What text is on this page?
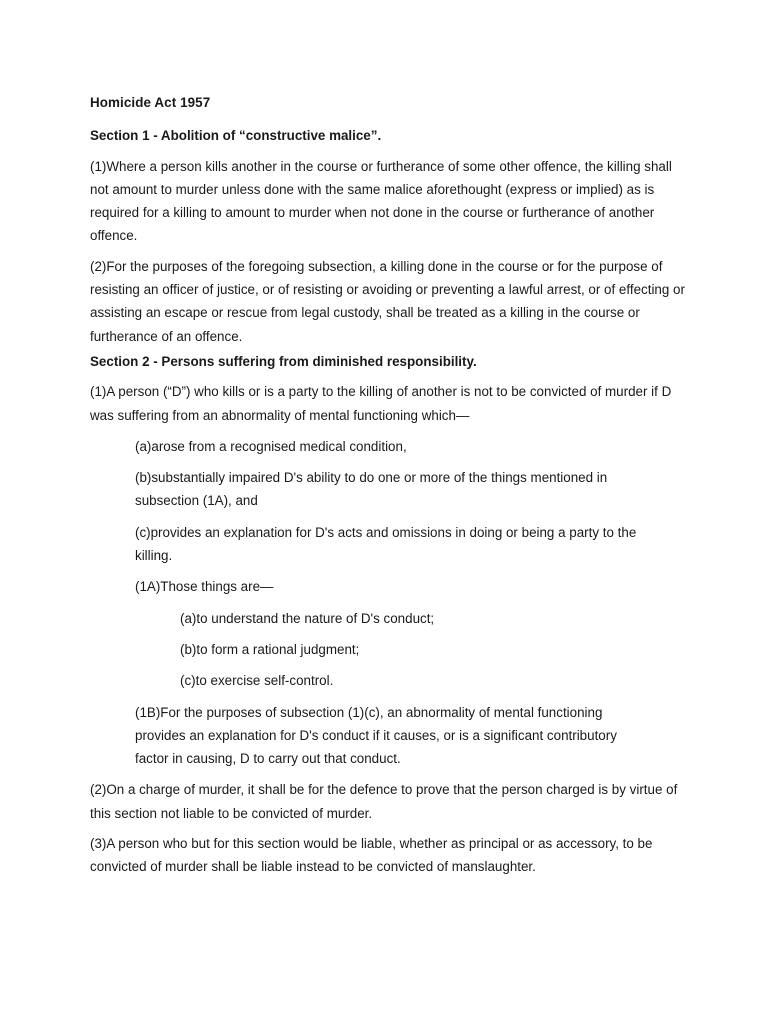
Homicide Act 1957
Section 1 - Abolition of “constructive malice”.
(1)Where a person kills another in the course or furtherance of some other offence, the killing shall not amount to murder unless done with the same malice aforethought (express or implied) as is required for a killing to amount to murder when not done in the course or furtherance of another offence.
(2)For the purposes of the foregoing subsection, a killing done in the course or for the purpose of resisting an officer of justice, or of resisting or avoiding or preventing a lawful arrest, or of effecting or assisting an escape or rescue from legal custody, shall be treated as a killing in the course or furtherance of an offence.
Section 2 - Persons suffering from diminished responsibility.
(1)A person (“D”) who kills or is a party to the killing of another is not to be convicted of murder if D was suffering from an abnormality of mental functioning which—
(a)arose from a recognised medical condition,
(b)substantially impaired D's ability to do one or more of the things mentioned in subsection (1A), and
(c)provides an explanation for D's acts and omissions in doing or being a party to the killing.
(1A)Those things are—
(a)to understand the nature of D's conduct;
(b)to form a rational judgment;
(c)to exercise self-control.
(1B)For the purposes of subsection (1)(c), an abnormality of mental functioning provides an explanation for D's conduct if it causes, or is a significant contributory factor in causing, D to carry out that conduct.
(2)On a charge of murder, it shall be for the defence to prove that the person charged is by virtue of this section not liable to be convicted of murder.
(3)A person who but for this section would be liable, whether as principal or as accessory, to be convicted of murder shall be liable instead to be convicted of manslaughter.
